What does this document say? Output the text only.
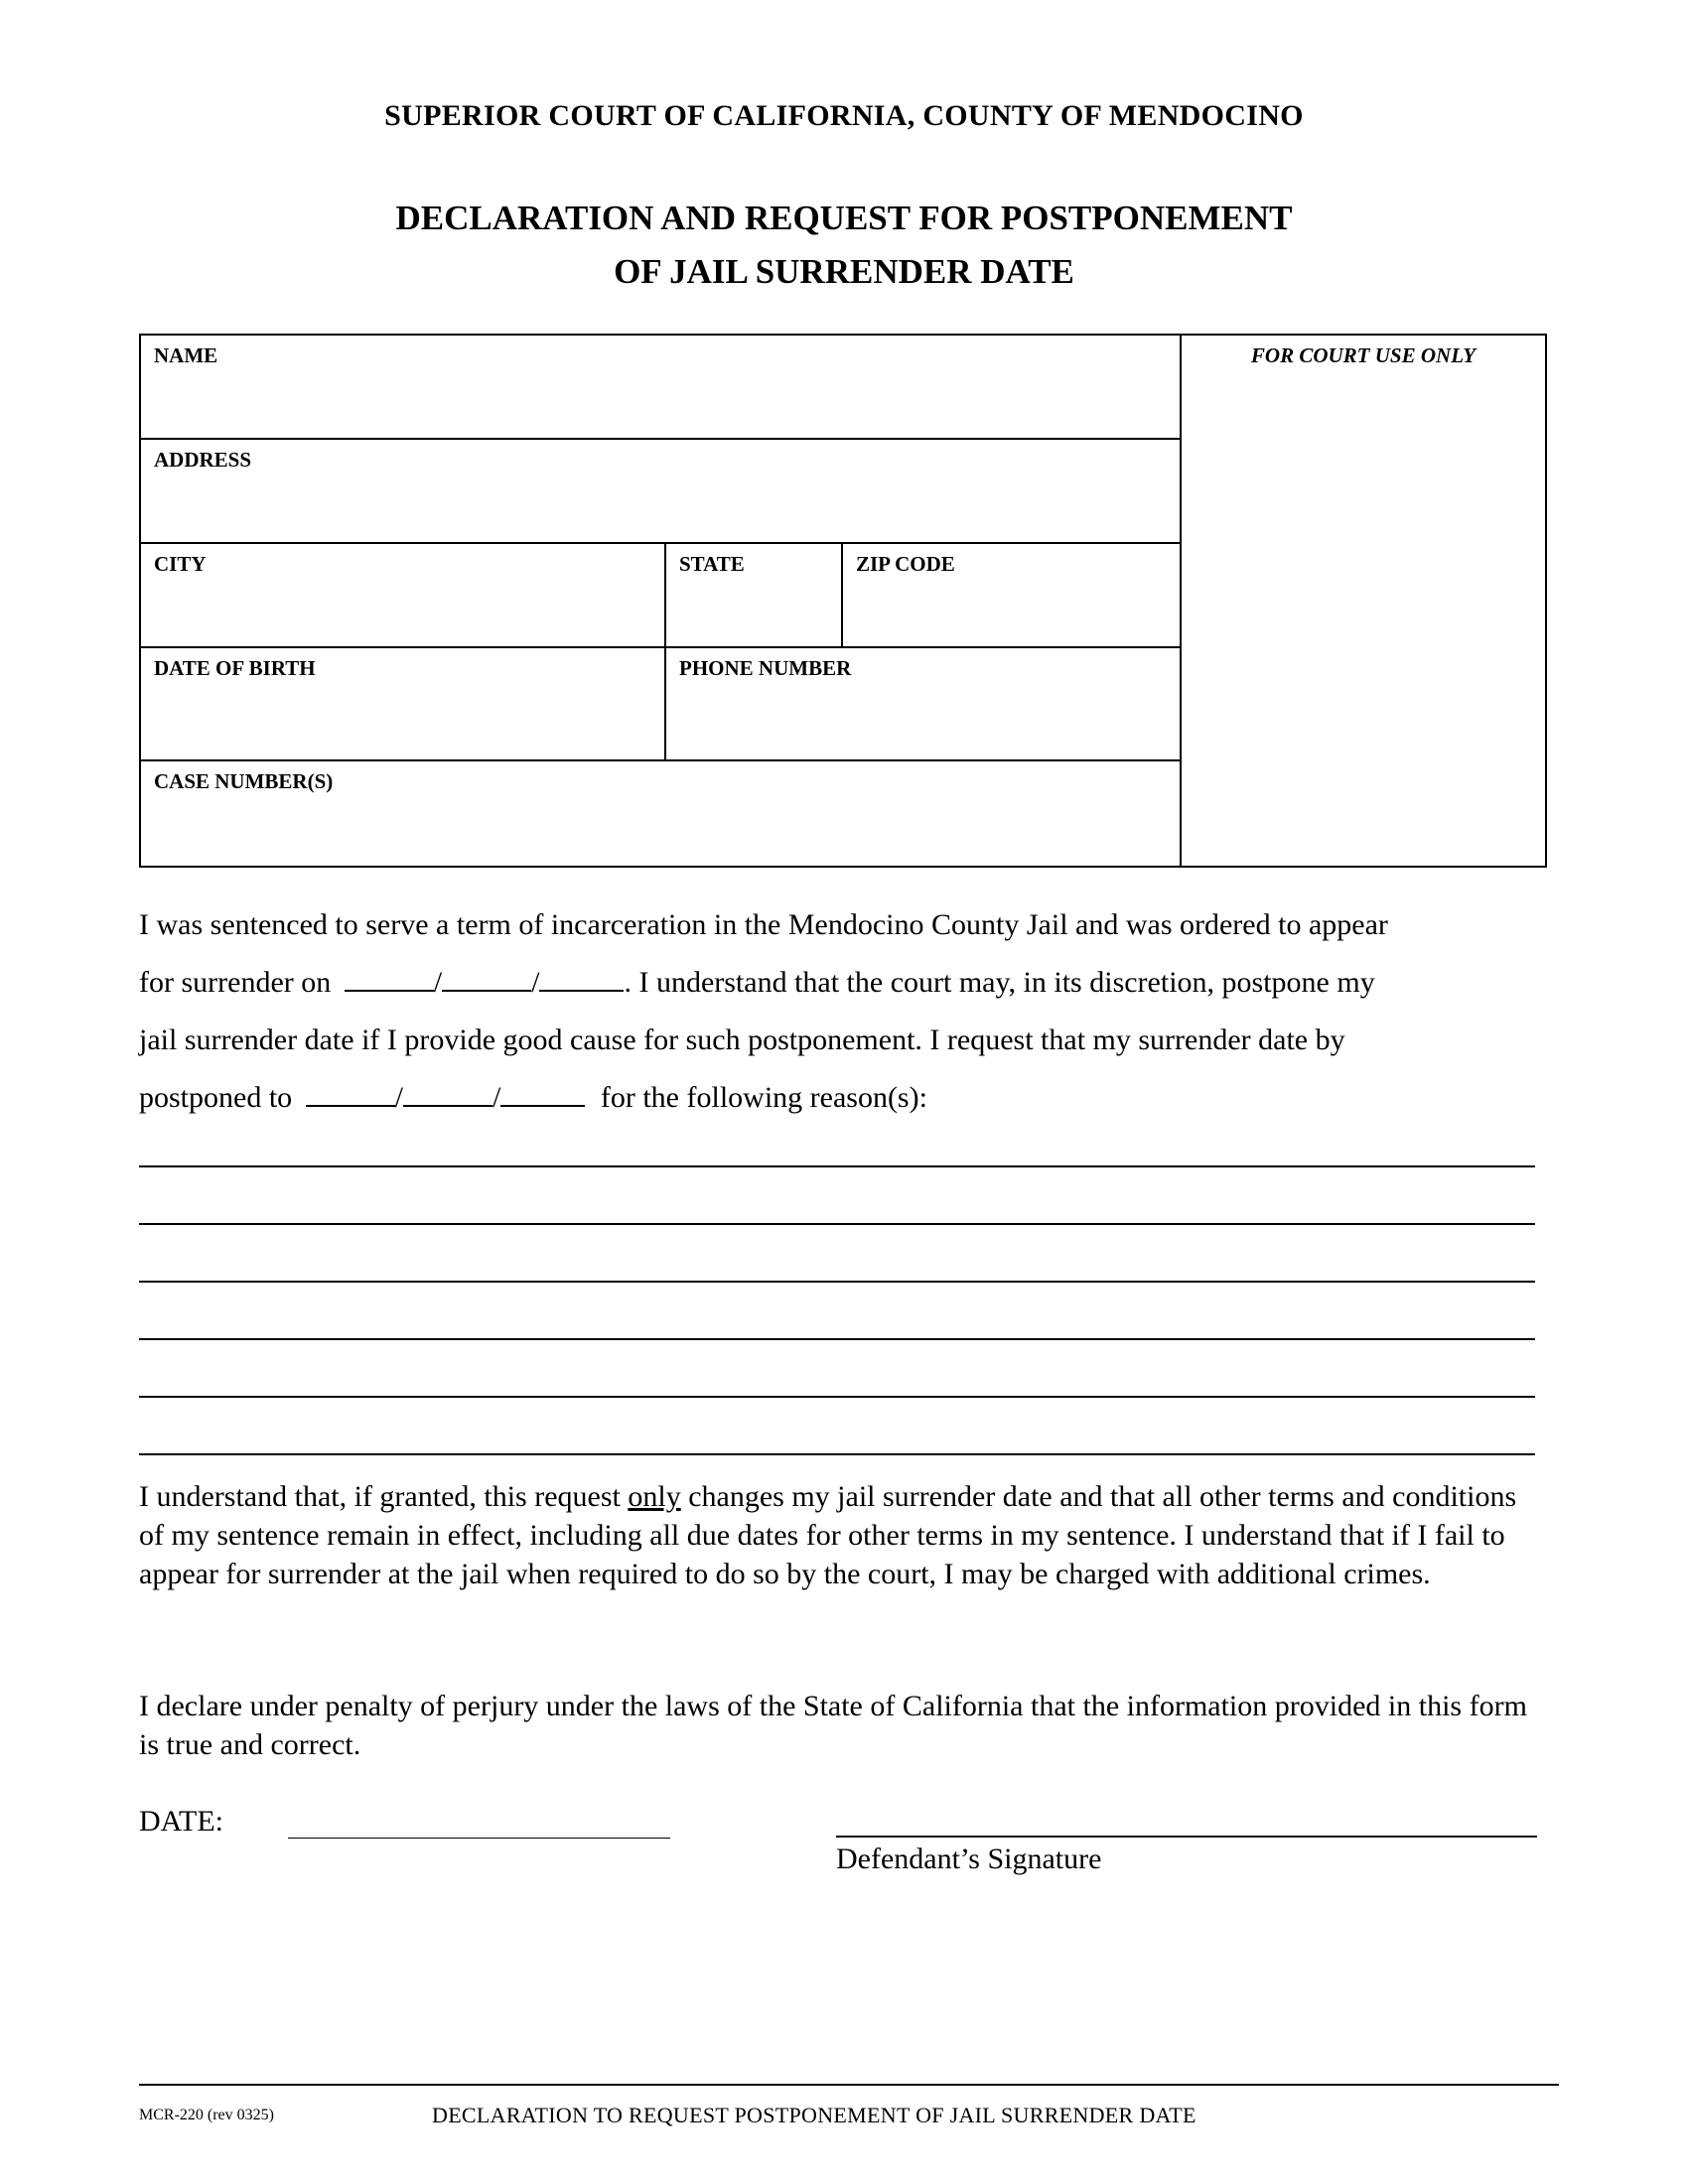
SUPERIOR COURT OF CALIFORNIA, COUNTY OF MENDOCINO
DECLARATION AND REQUEST FOR POSTPONEMENT
OF JAIL SURRENDER DATE
NAME
ADDRESS
CITY	STATE	ZIP CODE
DATE OF BIRTH	PHONE NUMBER
CASE NUMBER(S)
FOR COURT USE ONLY
I was sentenced to serve a term of incarceration in the Mendocino County Jail and was ordered to appear
for surrender on	/	/	. I understand that the court may, in its discretion, postpone my
jail surrender date if I provide good cause for such postponement. I request that my surrender date by
postponed to	/	/	for the following reason(s):
I understand that, if granted, this request only changes my jail surrender date and that all other terms and conditions of my sentence remain in effect, including all due dates for other terms in my sentence. I understand that if I fail to appear for surrender at the jail when required to do so by the court, I may be charged with additional crimes.
I declare under penalty of perjury under the laws of the State of California that the information provided in this form is true and correct.
DATE:
Defendant’s Signature
MCR-220 (rev 0325)	DECLARATION TO REQUEST POSTPONEMENT OF JAIL SURRENDER DATE
